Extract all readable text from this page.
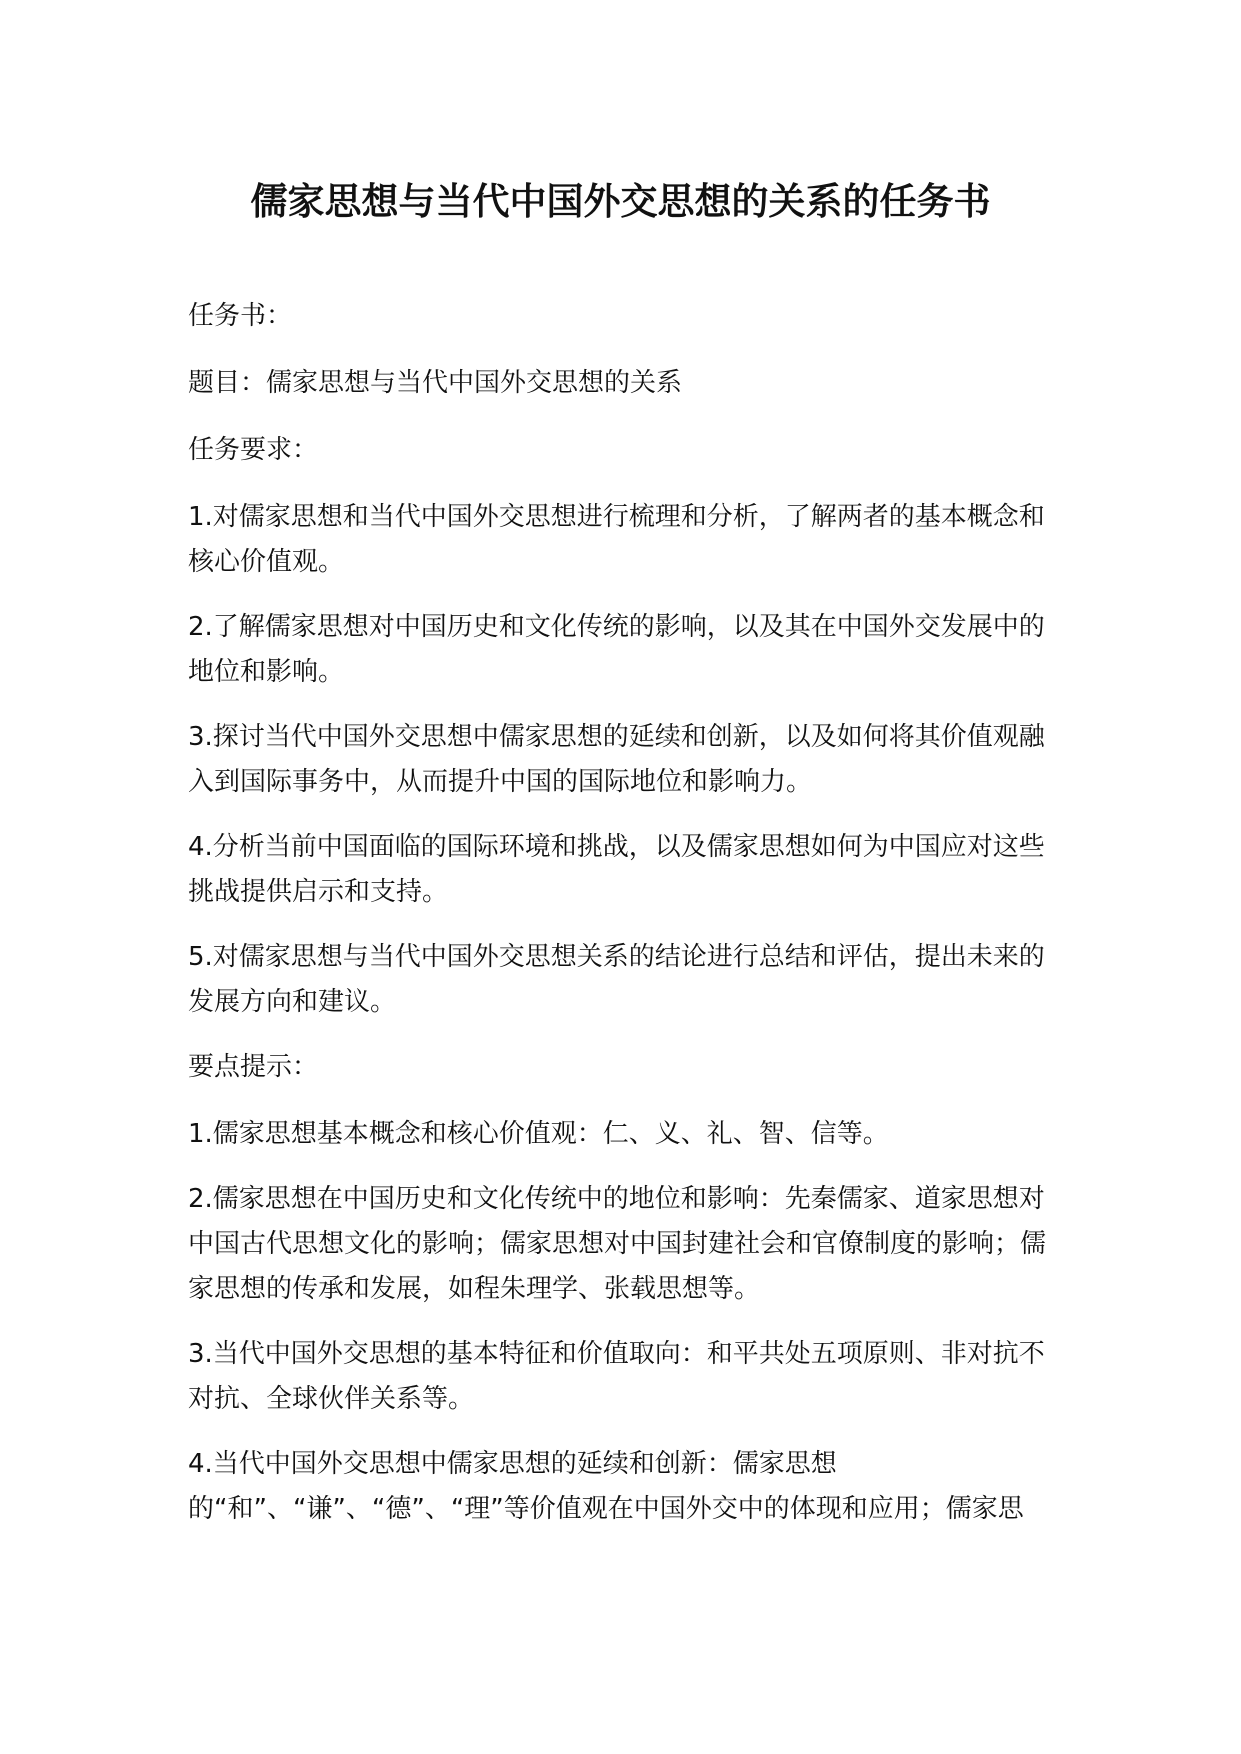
儒家思想与当代中国外交思想的关系的任务书

任务书：

题目：儒家思想与当代中国外交思想的关系

任务要求：

1.对儒家思想和当代中国外交思想进行梳理和分析，了解两者的基本概念和核心价值观。

2.了解儒家思想对中国历史和文化传统的影响，以及其在中国外交发展中的地位和影响。

3.探讨当代中国外交思想中儒家思想的延续和创新，以及如何将其价值观融入到国际事务中，从而提升中国的国际地位和影响力。

4.分析当前中国面临的国际环境和挑战，以及儒家思想如何为中国应对这些挑战提供启示和支持。

5.对儒家思想与当代中国外交思想关系的结论进行总结和评估，提出未来的发展方向和建议。

要点提示：

1.儒家思想基本概念和核心价值观：仁、义、礼、智、信等。

2.儒家思想在中国历史和文化传统中的地位和影响：先秦儒家、道家思想对中国古代思想文化的影响；儒家思想对中国封建社会和官僚制度的影响；儒家思想的传承和发展，如程朱理学、张载思想等。

3.当代中国外交思想的基本特征和价值取向：和平共处五项原则、非对抗不对抗、全球伙伴关系等。

4.当代中国外交思想中儒家思想的延续和创新：儒家思想的“和”、“谦”、“德”、“理”等价值观在中国外交中的体现和应用；儒家思
